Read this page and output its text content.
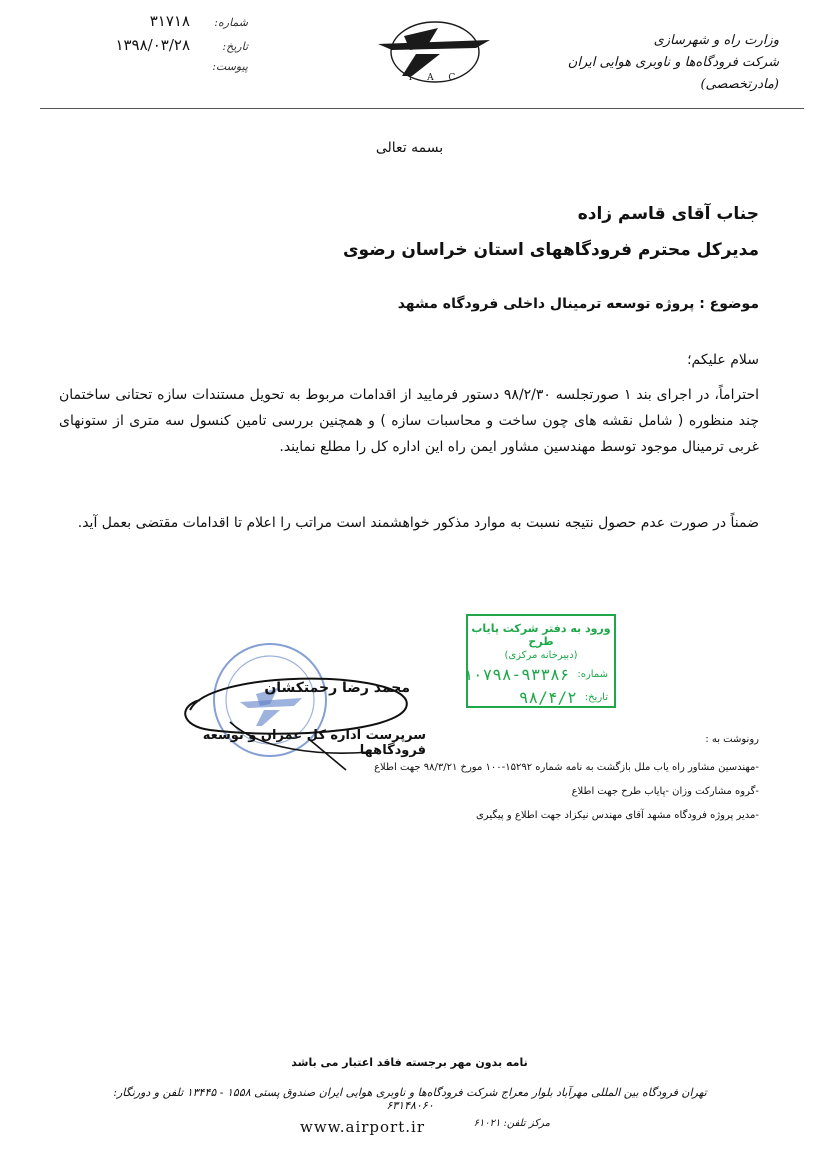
وزارت راه و شهرسازی
شرکت فرودگاه‌ها و ناوبری هوایی ایران (مادرتخصصی)
I A C
شماره:
۳۱۷۱۸
تاریخ:
۱۳۹۸/۰۳/۲۸
پیوست:
بسمه تعالی
جناب آقای قاسم زاده
مدیرکل محترم فرودگاههای استان خراسان رضوی
موضوع : پروژه توسعه ترمینال داخلی فرودگاه مشهد
سلام علیکم؛
احتراماً، در اجرای بند ۱ صورتجلسه ۹۸/۲/۳۰ دستور فرمایید از اقدامات مربوط به تحویل مستندات سازه تحتانی ساختمان چند منظوره ( شامل نقشه های چون ساخت و محاسبات سازه ) و همچنین بررسی تامین کنسول سه متری از ستونهای غربی ترمینال موجود توسط مهندسین مشاور ایمن راه این اداره کل را مطلع نمایند.
ضمناً در صورت عدم حصول نتیجه نسبت به موارد مذکور خواهشمند است مراتب را اعلام تا اقدامات مقتضی بعمل آید.
ورود به دفتر شرکت پایاب طرح
(دبیرخانه مرکزی)
شماره:
۱۰۷۹۸-۹۳۳۸۶
تاریخ:
۹۸/۴/۲
محمد رضا رحمتکشان
سرپرست اداره کل عمران و توسعه فرودگاهها
رونوشت به :
-مهندسین مشاور راه یاب ملل بازگشت به نامه شماره ۱۵۲۹۲-۱۰۰ مورخ ۹۸/۳/۲۱ جهت اطلاع
-گروه مشارکت وزان -پایاب طرح جهت اطلاع
-مدیر پروژه فرودگاه مشهد آقای مهندس نیکزاد جهت اطلاع و پیگیری
نامه بدون مهر برجسته فاقد اعتبار می باشد
تهران فرودگاه بین المللی مهرآباد بلوار معراج شرکت فرودگاه‌ها و ناوبری هوایی ایران صندوق پستی ۱۵۵۸ - ۱۳۴۴۵ تلفن و دورنگار: ۶۳۱۴۸۰۶۰
مرکز تلفن: ۶۱۰۲۱
www.airport.ir
